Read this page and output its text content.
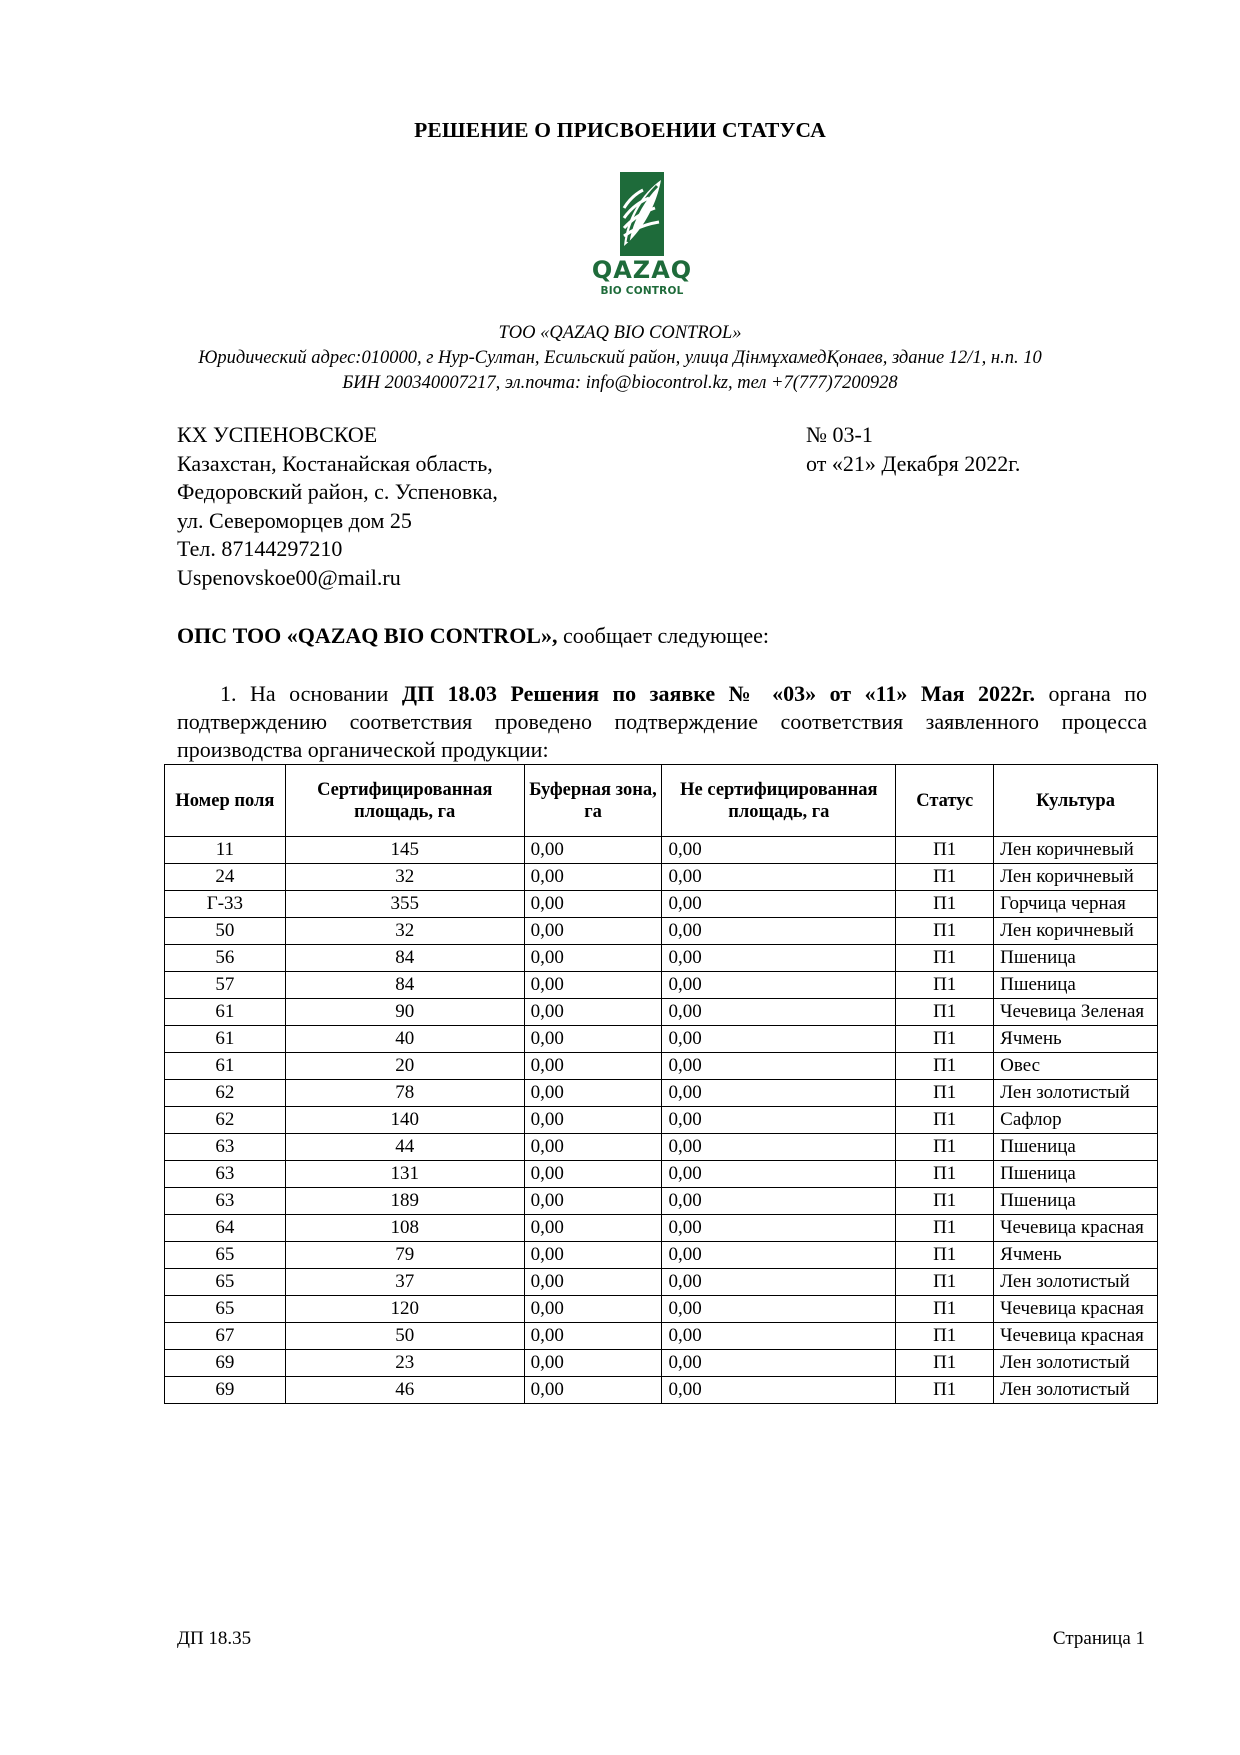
РЕШЕНИЕ О ПРИСВОЕНИИ СТАТУСА
QAZAQ
BIO CONTROL
ТОО «QAZAQ BIO CONTROL»
Юридический адрес:010000, г Нур-Султан, Есильский район, улица ДінмұхамедҚонаев, здание 12/1, н.п. 10
БИН 200340007217, эл.почта: info@biocontrol.kz, тел +7(777)7200928
КХ УСПЕНОВСКОЕ
Казахстан, Костанайская область,
Федоровский район, с. Успеновка,
ул. Североморцев дом 25
Тел. 87144297210
Uspenovskoe00@mail.ru
№ 03-1
от «21» Декабря 2022г.
ОПС ТОО «QAZAQ BIO CONTROL», сообщает следующее:
1. На основании ДП 18.03 Решения по заявке № «03» от «11» Мая 2022г. органа по подтверждению соответствия проведено подтверждение соответствия заявленного процесса производства органической продукции:
Номер поля	Сертифицированная площадь, га	Буферная зона, га	Не сертифицированная площадь, га	Статус	Культура
11	145	0,00	0,00	П1	Лен коричневый
24	32	0,00	0,00	П1	Лен коричневый
Г-33	355	0,00	0,00	П1	Горчица черная
50	32	0,00	0,00	П1	Лен коричневый
56	84	0,00	0,00	П1	Пшеница
57	84	0,00	0,00	П1	Пшеница
61	90	0,00	0,00	П1	Чечевица Зеленая
61	40	0,00	0,00	П1	Ячмень
61	20	0,00	0,00	П1	Овес
62	78	0,00	0,00	П1	Лен золотистый
62	140	0,00	0,00	П1	Сафлор
63	44	0,00	0,00	П1	Пшеница
63	131	0,00	0,00	П1	Пшеница
63	189	0,00	0,00	П1	Пшеница
64	108	0,00	0,00	П1	Чечевица красная
65	79	0,00	0,00	П1	Ячмень
65	37	0,00	0,00	П1	Лен золотистый
65	120	0,00	0,00	П1	Чечевица красная
67	50	0,00	0,00	П1	Чечевица красная
69	23	0,00	0,00	П1	Лен золотистый
69	46	0,00	0,00	П1	Лен золотистый
ДП 18.35	Страница 1
